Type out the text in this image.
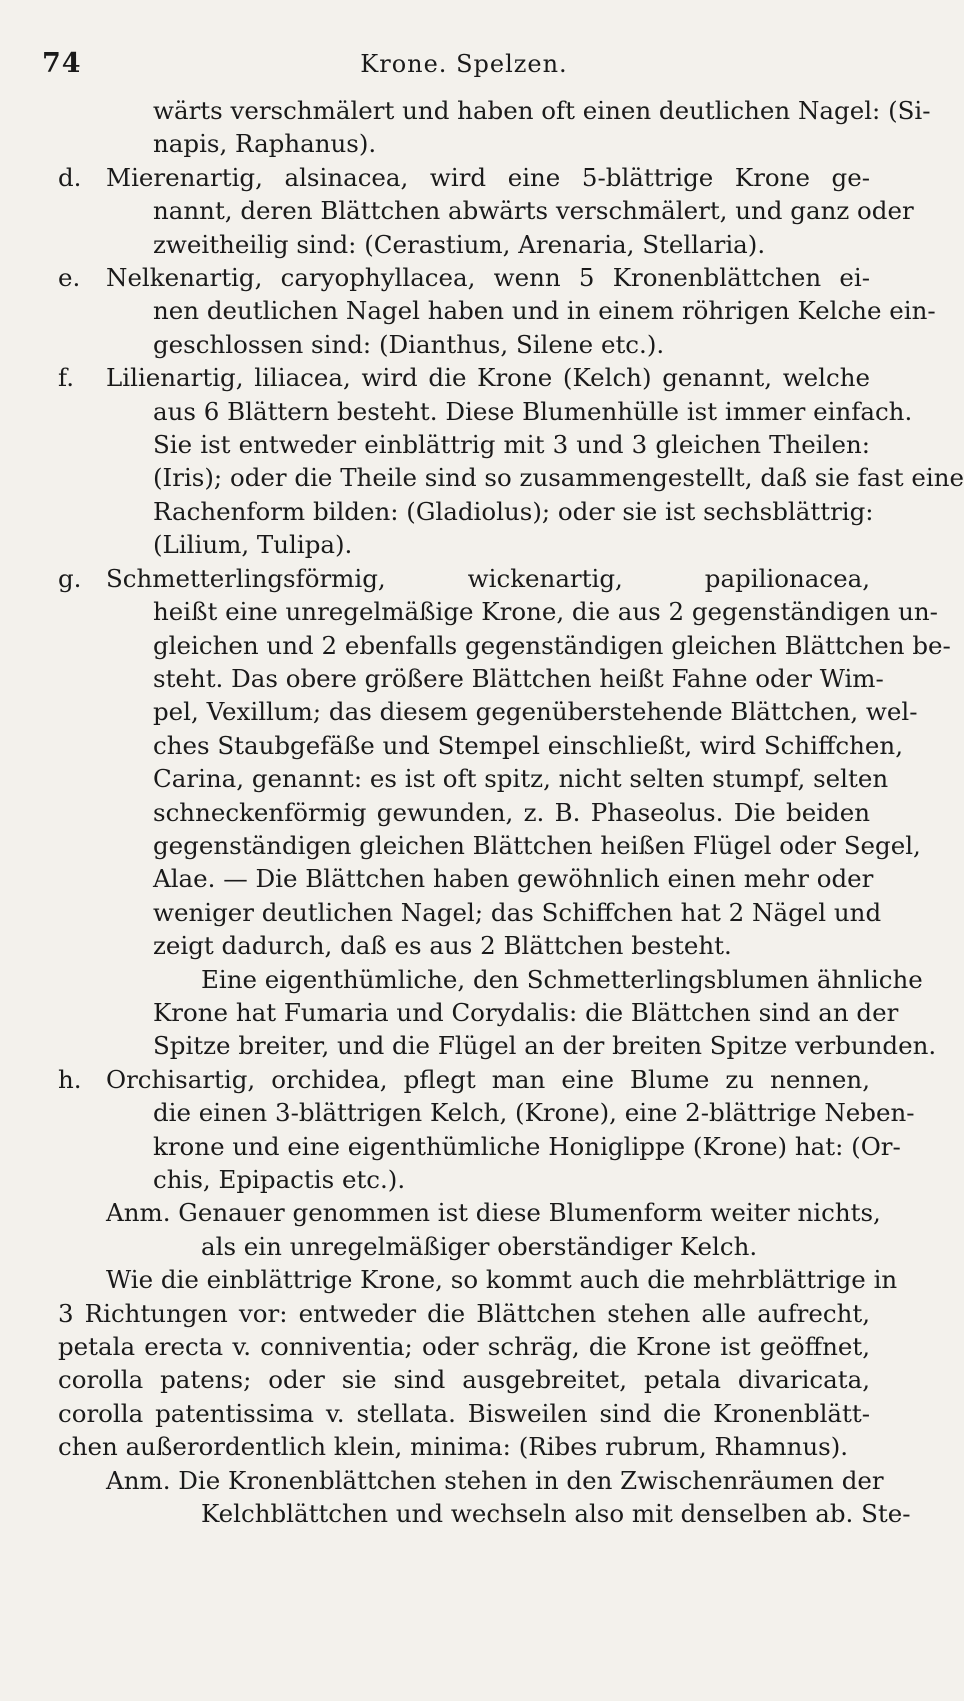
74	Krone. Spelzen.
wärts verschmälert und haben oft einen deutlichen Nagel: (Si-
napis, Raphanus).
d.	Mierenartig, alsinacea, wird eine 5-blättrige Krone ge-
nannt, deren Blättchen abwärts verschmälert, und ganz oder
zweitheilig sind: (Cerastium, Arenaria, Stellaria).
e.	Nelkenartig, caryophyllacea, wenn 5 Kronenblättchen ei-
nen deutlichen Nagel haben und in einem röhrigen Kelche ein-
geschlossen sind: (Dianthus, Silene etc.).
f.	Lilienartig, liliacea, wird die Krone (Kelch) genannt, welche
aus 6 Blättern besteht. Diese Blumenhülle ist immer einfach.
Sie ist entweder einblättrig mit 3 und 3 gleichen Theilen:
(Iris); oder die Theile sind so zusammengestellt, daß sie fast eine
Rachenform bilden: (Gladiolus); oder sie ist sechsblättrig:
(Lilium, Tulipa).
g.	Schmetterlingsförmig, wickenartig, papilionacea,
heißt eine unregelmäßige Krone, die aus 2 gegenständigen un-
gleichen und 2 ebenfalls gegenständigen gleichen Blättchen be-
steht. Das obere größere Blättchen heißt Fahne oder Wim-
pel, Vexillum; das diesem gegenüberstehende Blättchen, wel-
ches Staubgefäße und Stempel einschließt, wird Schiffchen,
Carina, genannt: es ist oft spitz, nicht selten stumpf, selten
schneckenförmig gewunden, z. B. Phaseolus. Die beiden
gegenständigen gleichen Blättchen heißen Flügel oder Segel,
Alae. — Die Blättchen haben gewöhnlich einen mehr oder
weniger deutlichen Nagel; das Schiffchen hat 2 Nägel und
zeigt dadurch, daß es aus 2 Blättchen besteht.
Eine eigenthümliche, den Schmetterlingsblumen ähnliche
Krone hat Fumaria und Corydalis: die Blättchen sind an der
Spitze breiter, und die Flügel an der breiten Spitze verbunden.
h. Orchisartig, orchidea, pflegt man eine Blume zu nennen,
die einen 3-blättrigen Kelch, (Krone), eine 2-blättrige Neben-
krone und eine eigenthümliche Honiglippe (Krone) hat: (Or-
chis, Epipactis etc.).
Anm. Genauer genommen ist diese Blumenform weiter nichts,
als ein unregelmäßiger oberständiger Kelch.
Wie die einblättrige Krone, so kommt auch die mehrblättrige in
3 Richtungen vor: entweder die Blättchen stehen alle aufrecht,
petala erecta v. conniventia; oder schräg, die Krone ist geöffnet,
corolla patens; oder sie sind ausgebreitet, petala divaricata,
corolla patentissima v. stellata. Bisweilen sind die Kronenblätt-
chen außerordentlich klein, minima: (Ribes rubrum, Rhamnus).
Anm. Die Kronenblättchen stehen in den Zwischenräumen der
Kelchblättchen und wechseln also mit denselben ab. Ste-
